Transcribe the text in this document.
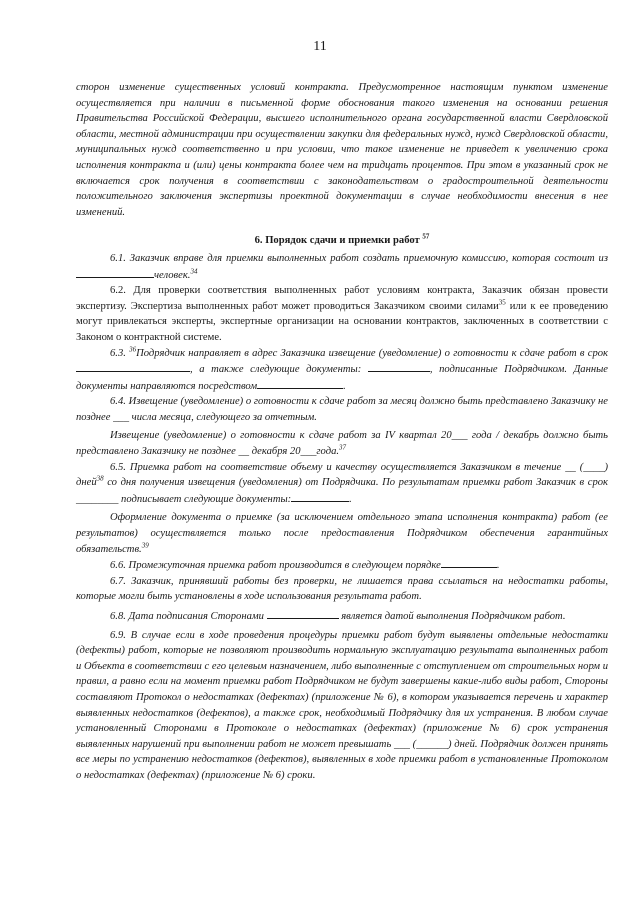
11

сторон изменение существенных условий контракта. Предусмотренное настоящим пунктом изменение осуществляется при наличии в письменной форме обоснования такого изменения на основании решения Правительства Российской Федерации, высшего исполнительного органа государственной власти Свердловской области, местной администрации при осуществлении закупки для федеральных нужд, нужд Свердловской области, муниципальных нужд соответственно и при условии, что такое изменение не приведет к увеличению срока исполнения контракта и (или) цены контракта более чем на тридцать процентов. При этом в указанный срок не включается срок получения в соответствии с законодательством о градостроительной деятельности положительного заключения экспертизы проектной документации в случае необходимости внесения в нее изменений.

6. Порядок сдачи и приемки работ $^{57}$

6.1. Заказчик вправе для приемки выполненных работ создать приемочную комиссию, которая состоит изчеловек.$^{34}$

6.2. Для проверки соответствия выполненных работ условиям контракта, Заказчик обязан провести экспертизу. Экспертиза выполненных работ может проводиться Заказчиком своими силами$^{35}$ или к ее проведению могут привлекаться эксперты, экспертные организации на основании контрактов, заключенных в соответствии с Законом о контрактной системе.

6.3. $^{36}$Подрядчик направляет в адрес Заказчика извещение (уведомление) о готовности к сдаче работ в срок , а также следующие документы:	, подписанные Подрядчиком. Данные документы направляются посредством	.

6.4. Извещение (уведомление) о готовности к сдаче работ за месяц должно быть представлено Заказчику не позднее ___ числа месяца, следующего за отчетным.

Извещение (уведомление) о готовности к сдаче работ за IV квартал 20___ года / декабрь должно быть представлено Заказчику не позднее __ декабря 20___года.$^{37}$

6.5. Приемка работ на соответствие объему и качеству осуществляется Заказчиком в течение __ (____) дней$^{38}$ со дня получения извещения (уведомления) от Подрядчика. По результатам приемки работ Заказчик в срок ________ подписывает следующие документы:	.

Оформление документа о приемке (за исключением отдельного этапа исполнения контракта) работ (ее результатов) осуществляется только после предоставления Подрядчиком обеспечения гарантийных обязательств.$^{39}$

6.6. Промежуточная приемка работ производится в следующем порядке	.

6.7. Заказчик, принявший работы без проверки, не лишается права ссылаться на недостатки работы, которые могли быть установлены в ходе использования результата работ.

6.8. Дата подписания Сторонами	является датой выполнения Подрядчиком работ.

6.9. В случае если в ходе проведения процедуры приемки работ будут выявлены отдельные недостатки (дефекты) работ, которые не позволяют производить нормальную эксплуатацию результата выполненных работ и Объекта в соответствии с его целевым назначением, либо выполненные с отступлением от строительных норм и правил, а равно если на момент приемки работ Подрядчиком не будут завершены какие-либо виды работ, Стороны составляют Протокол о недостатках (дефектах) (приложение № 6), в котором указывается перечень и характер выявленных недостатков (дефектов), а также срок, необходимый Подрядчику для их устранения. В любом случае установленный Сторонами в Протоколе о недостатках (дефектах) (приложение № 6) срок устранения выявленных нарушений при выполнении работ не может превышать ___ (______) дней. Подрядчик должен принять все меры по устранению недостатков (дефектов), выявленных в ходе приемки работ в установленные Протоколом о недостатках (дефектах) (приложение № 6) сроки.
